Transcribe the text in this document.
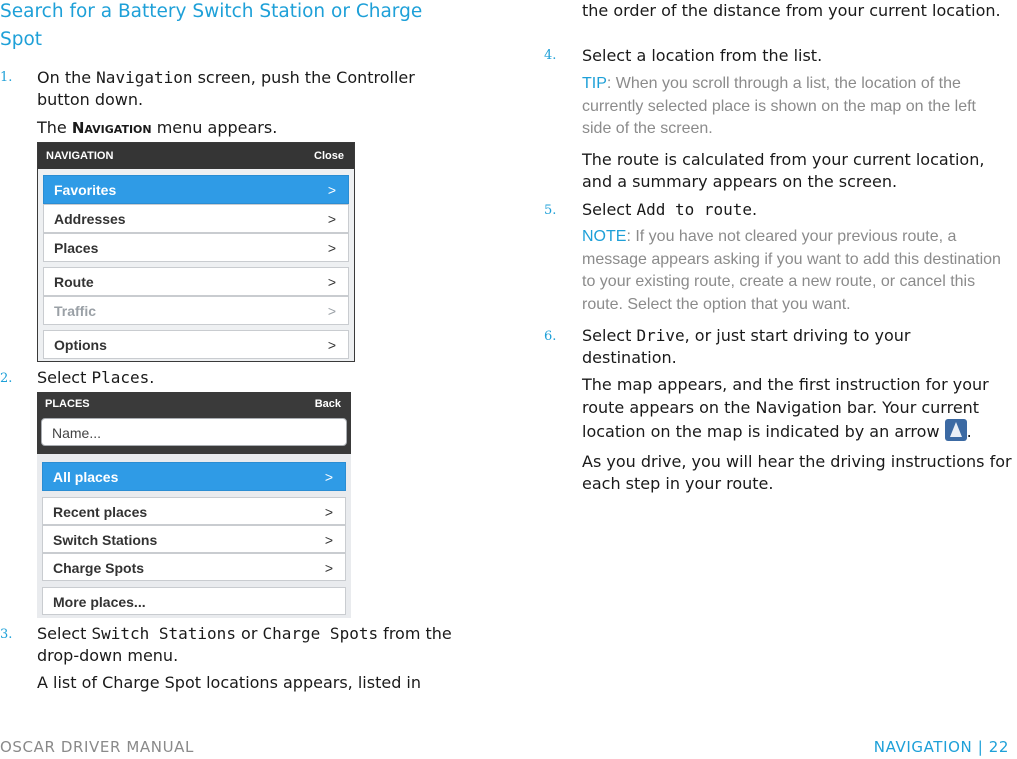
Search for a Battery Switch Station or Charge Spot
1. On the Navigation screen, push the Controller button down.
The Navigation menu appears.
NAVIGATION	Close
Favorites	>
Addresses	>
Places	>
Route	>
Traffic	>
Options	>
2. Select Places.
PLACES	Back
Name...
All places	>
Recent places	>
Switch Stations	>
Charge Spots	>
More places...
3. Select Switch Stations or Charge Spots from the drop-down menu.
A list of Charge Spot locations appears, listed in
the order of the distance from your current location.
4. Select a location from the list.
TIP: When you scroll through a list, the location of the currently selected place is shown on the map on the left side of the screen.
The route is calculated from your current location, and a summary appears on the screen.
5. Select Add to route.
NOTE: If you have not cleared your previous route, a message appears asking if you want to add this destination to your existing route, create a new route, or cancel this route. Select the option that you want.
6. Select Drive, or just start driving to your destination.
The map appears, and the first instruction for your route appears on the Navigation bar. Your current location on the map is indicated by an arrow .
As you drive, you will hear the driving instructions for each step in your route.
OSCAR DRIVER MANUAL	NAVIGATION | 22
